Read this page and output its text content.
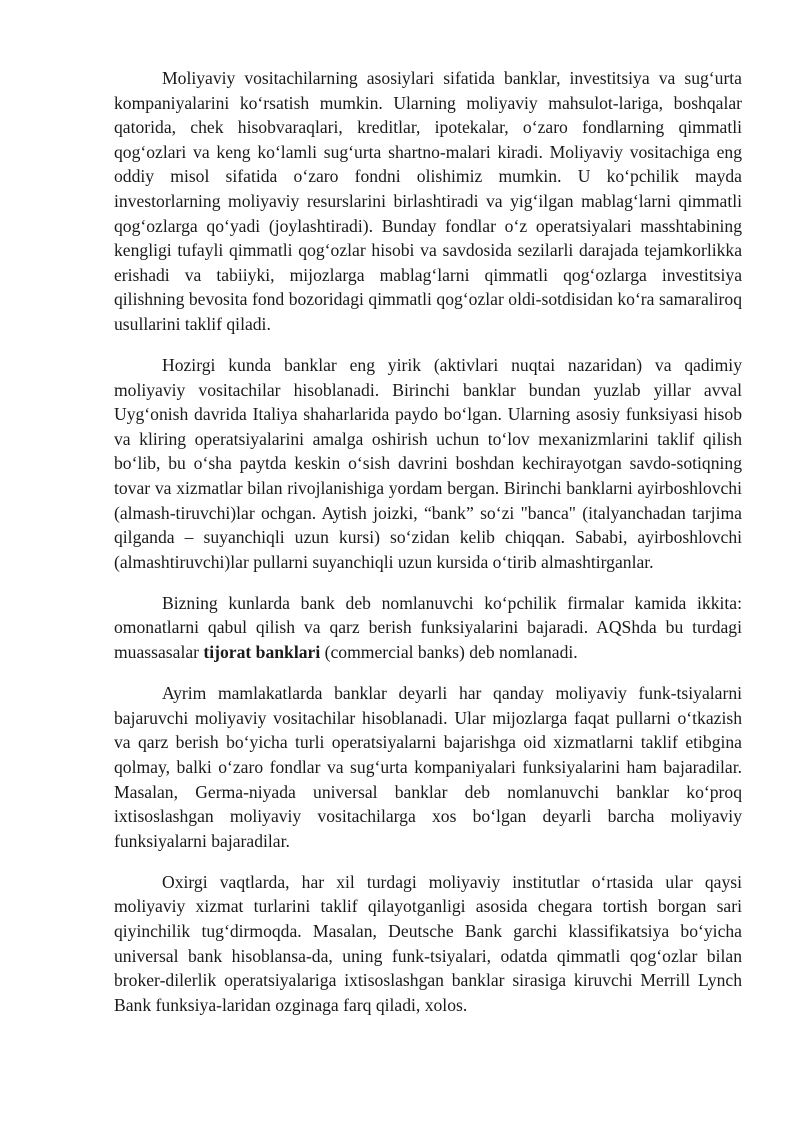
Moliyaviy vositachilarning asosiylari sifatida banklar, investitsiya va sug‘urta kompaniyalarini ko‘rsatish mumkin. Ularning moliyaviy mahsulot-lariga, boshqalar qatorida, chek hisobvaraqlari, kreditlar, ipotekalar, o‘zaro fondlarning qimmatli qog‘ozlari va keng ko‘lamli sug‘urta shartno-malari kiradi. Moliyaviy vositachiga eng oddiy misol sifatida o‘zaro fondni olishimiz mumkin. U ko‘pchilik mayda investorlarning moliyaviy resurslarini birlashtiradi va yig‘ilgan mablag‘larni qimmatli qog‘ozlarga qo‘yadi (joylashtiradi). Bunday fondlar o‘z operatsiyalari masshtabining kengligi tufayli qimmatli qog‘ozlar hisobi va savdosida sezilarli darajada tejamkorlikka erishadi va tabiiyki, mijozlarga mablag‘larni qimmatli qog‘ozlarga investitsiya qilishning bevosita fond bozoridagi qimmatli qog‘ozlar oldi-sotdisidan ko‘ra samaraliroq usullarini taklif qiladi.

Hozirgi kunda banklar eng yirik (aktivlari nuqtai nazaridan) va qadimiy moliyaviy vositachilar hisoblanadi. Birinchi banklar bundan yuzlab yillar avval Uyg‘onish davrida Italiya shaharlarida paydo bo‘lgan. Ularning asosiy funksiyasi hisob va kliring operatsiyalarini amalga oshirish uchun to‘lov mexanizmlarini taklif qilish bo‘lib, bu o‘sha paytda keskin o‘sish davrini boshdan kechirayotgan savdo-sotiqning tovar va xizmatlar bilan rivojlanishiga yordam bergan. Birinchi banklarni ayirboshlovchi (almash-tiruvchi)lar ochgan. Aytish joizki, “bank” so‘zi "banca" (italyanchadan tarjima qilganda – suyanchiqli uzun kursi) so‘zidan kelib chiqqan. Sababi, ayirboshlovchi (almashtiruvchi)lar pullarni suyanchiqli uzun kursida o‘tirib almashtirganlar.

Bizning kunlarda bank deb nomlanuvchi ko‘pchilik firmalar kamida ikkita: omonatlarni qabul qilish va qarz berish funksiyalarini bajaradi. AQShda bu turdagi muassasalar tijorat banklari (commercial banks) deb nomlanadi.

Ayrim mamlakatlarda banklar deyarli har qanday moliyaviy funk-tsiyalarni bajaruvchi moliyaviy vositachilar hisoblanadi. Ular mijozlarga faqat pullarni o‘tkazish va qarz berish bo‘yicha turli operatsiyalarni bajarishga oid xizmatlarni taklif etibgina qolmay, balki o‘zaro fondlar va sug‘urta kompaniyalari funksiyalarini ham bajaradilar. Masalan, Germa-niyada universal banklar deb nomlanuvchi banklar ko‘proq ixtisoslashgan moliyaviy vositachilarga xos bo‘lgan deyarli barcha moliyaviy funksiyalarni bajaradilar.

Oxirgi vaqtlarda, har xil turdagi moliyaviy institutlar o‘rtasida ular qaysi moliyaviy xizmat turlarini taklif qilayotganligi asosida chegara tortish borgan sari qiyinchilik tug‘dirmoqda. Masalan, Deutsche Bank garchi klassifikatsiya bo‘yicha universal bank hisoblansa-da, uning funk-tsiyalari, odatda qimmatli qog‘ozlar bilan broker-dilerlik operatsiyalariga ixtisoslashgan banklar sirasiga kiruvchi Merrill Lynch Bank funksiya-laridan ozginaga farq qiladi, xolos.
